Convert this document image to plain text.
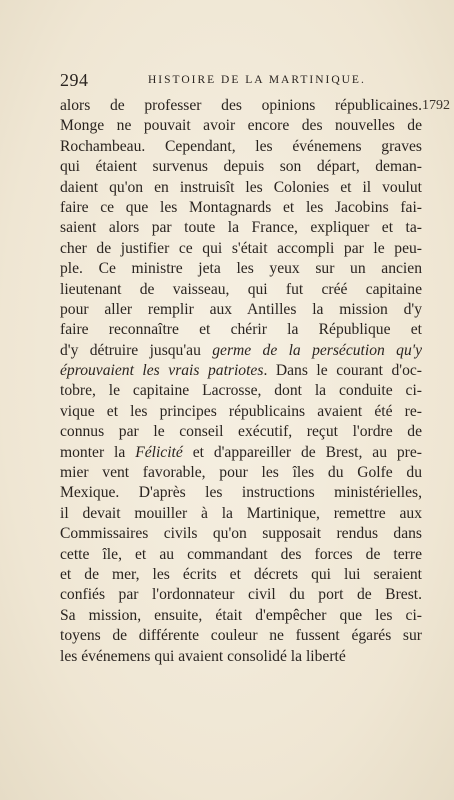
294	HISTOIRE DE LA MARTINIQUE.
1792
alors de professer des opinions républicaines.
Monge ne pouvait avoir encore des nouvelles de
Rochambeau. Cependant, les événemens graves
qui étaient survenus depuis son départ, deman-
daient qu'on en instruisît les Colonies et il voulut
faire ce que les Montagnards et les Jacobins fai-
saient alors par toute la France, expliquer et ta-
cher de justifier ce qui s'était accompli par le peu-
ple. Ce ministre jeta les yeux sur un ancien
lieutenant de vaisseau, qui fut créé capitaine
pour aller remplir aux Antilles la mission d'y
faire reconnaître et chérir la République et
d'y détruire jusqu'au germe de la persécution qu'y
éprouvaient les vrais patriotes. Dans le courant d'oc-
tobre, le capitaine Lacrosse, dont la conduite ci-
vique et les principes républicains avaient été re-
connus par le conseil exécutif, reçut l'ordre de
monter la Félicité et d'appareiller de Brest, au pre-
mier vent favorable, pour les îles du Golfe du
Mexique. D'après les instructions ministérielles,
il devait mouiller à la Martinique, remettre aux
Commissaires civils qu'on supposait rendus dans
cette île, et au commandant des forces de terre
et de mer, les écrits et décrets qui lui seraient
confiés par l'ordonnateur civil du port de Brest.
Sa mission, ensuite, était d'empêcher que les ci-
toyens de différente couleur ne fussent égarés sur
les événemens qui avaient consolidé la liberté
